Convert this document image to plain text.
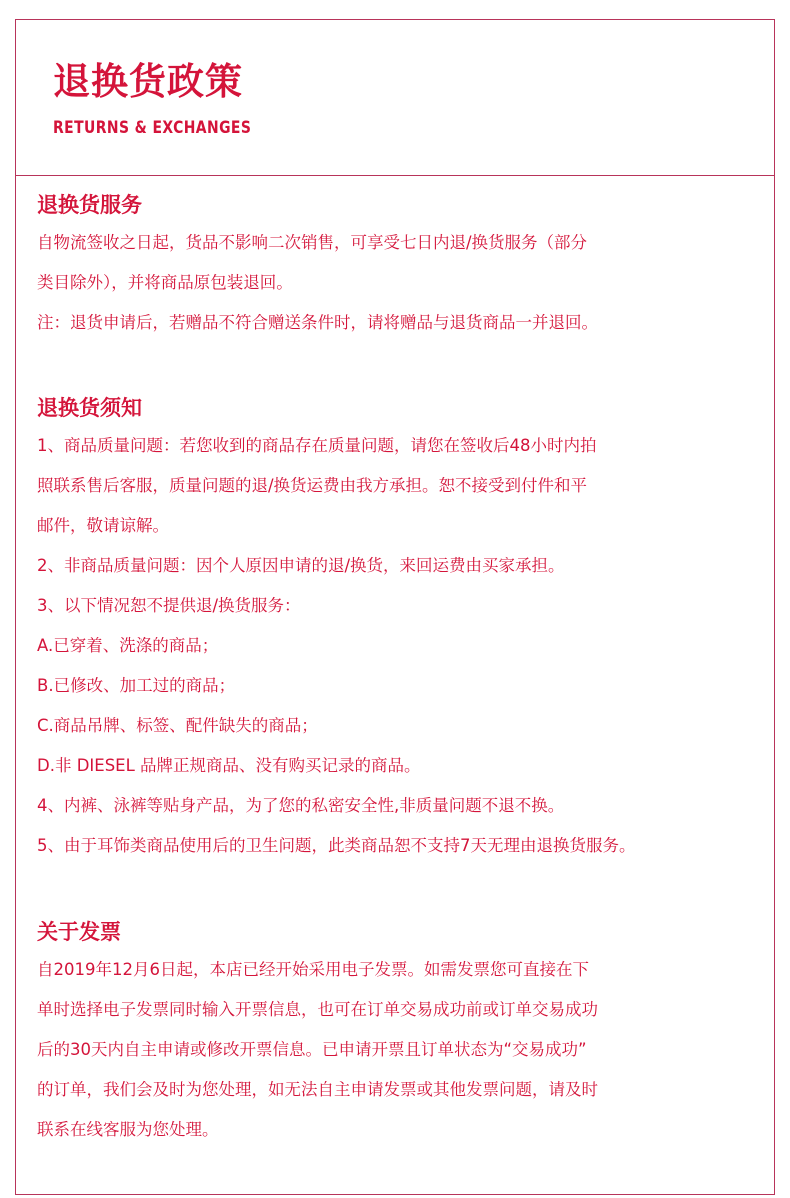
退换货政策
RETURNS & EXCHANGES
退换货服务

自物流签收之日起，货品不影响二次销售，可享受七日内退/换货服务（部分

类目除外），并将商品原包装退回。

注：退货申请后，若赠品不符合赠送条件时，请将赠品与退货商品一并退回。

退换货须知

1、商品质量问题：若您收到的商品存在质量问题，请您在签收后48小时内拍

照联系售后客服，质量问题的退/换货运费由我方承担。恕不接受到付件和平

邮件，敬请谅解。

2、非商品质量问题：因个人原因申请的退/换货，来回运费由买家承担。

3、以下情况恕不提供退/换货服务：

A.已穿着、洗涤的商品；

B.已修改、加工过的商品；

C.商品吊牌、标签、配件缺失的商品；

D.非 DIESEL 品牌正规商品、没有购买记录的商品。

4、内裤、泳裤等贴身产品，为了您的私密安全性,非质量问题不退不换。

5、由于耳饰类商品使用后的卫生问题，此类商品恕不支持7天无理由退换货服务。

关于发票

自2019年12月6日起，本店已经开始采用电子发票。如需发票您可直接在下

单时选择电子发票同时输入开票信息，也可在订单交易成功前或订单交易成功

后的30天内自主申请或修改开票信息。已申请开票且订单状态为“交易成功”

的订单，我们会及时为您处理，如无法自主申请发票或其他发票问题，请及时

联系在线客服为您处理。
